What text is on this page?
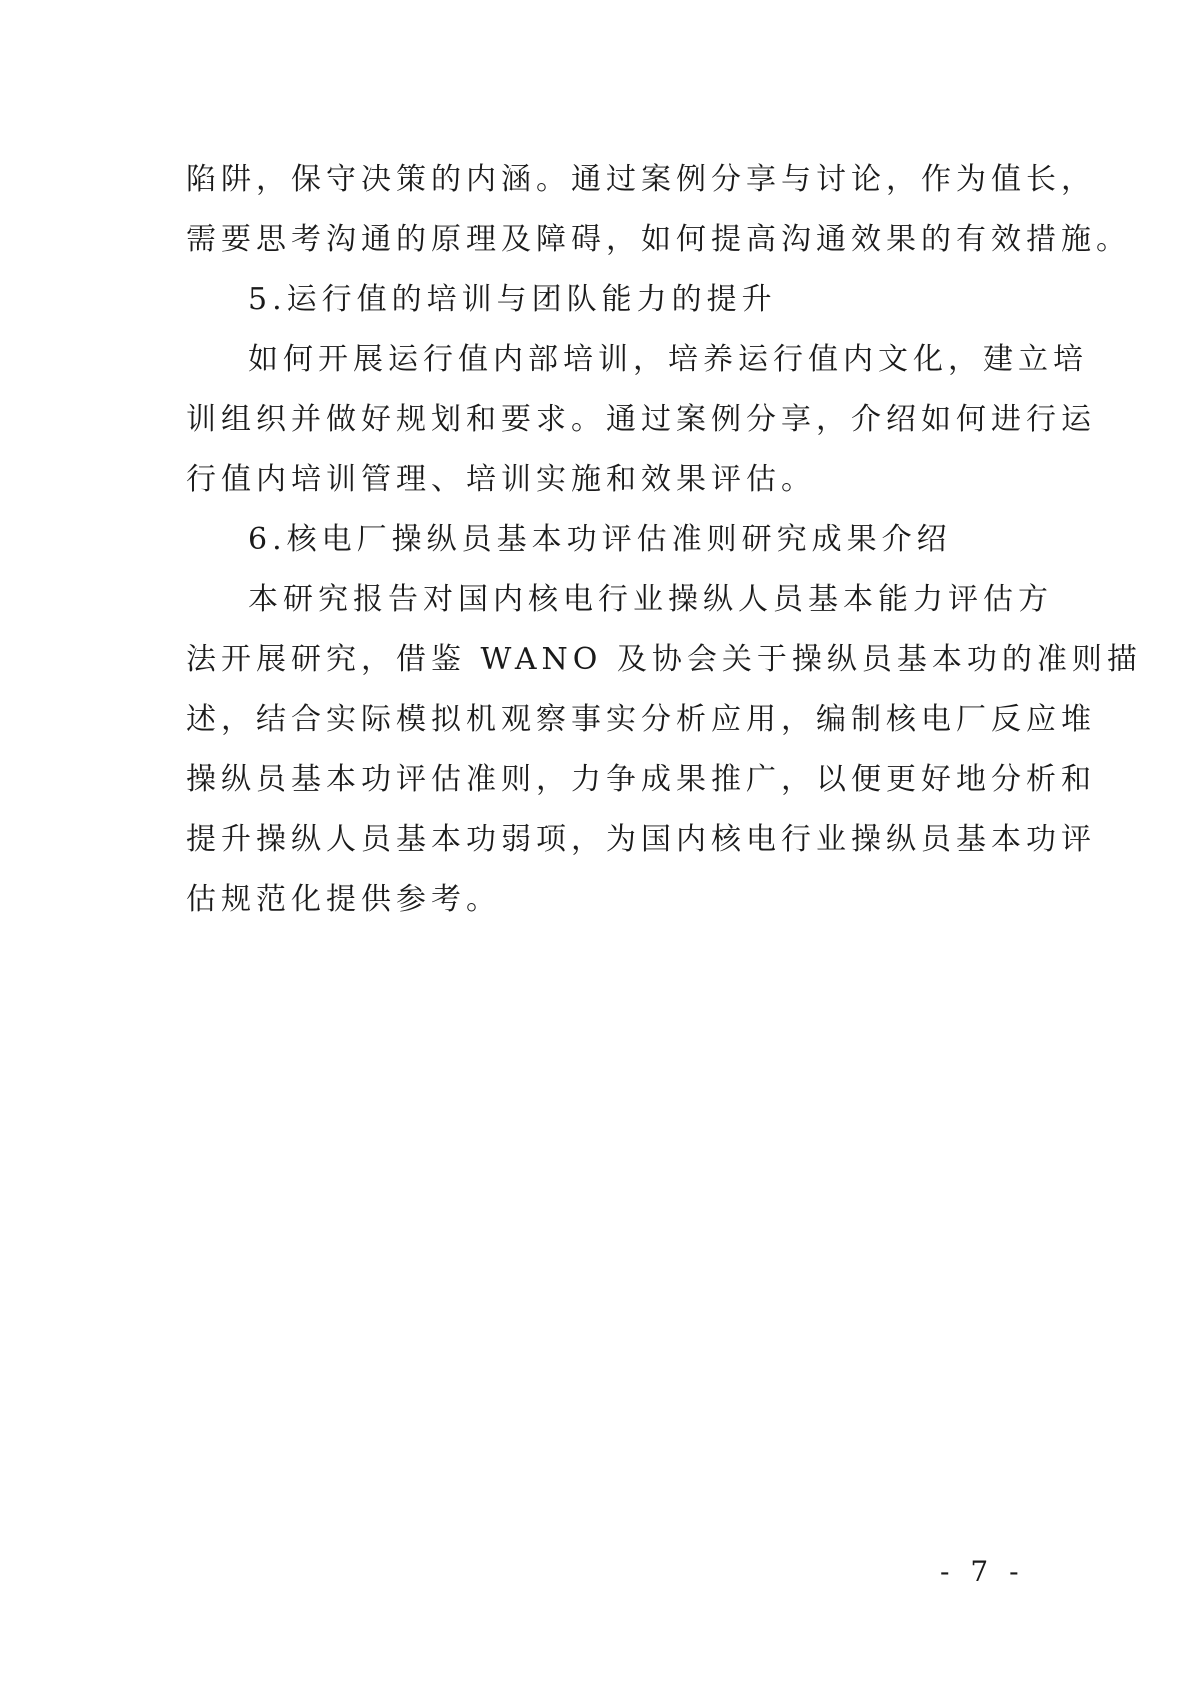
陷阱，保守决策的内涵。通过案例分享与讨论，作为值长，
需要思考沟通的原理及障碍，如何提高沟通效果的有效措施。
5.运行值的培训与团队能力的提升
如何开展运行值内部培训，培养运行值内文化，建立培
训组织并做好规划和要求。通过案例分享，介绍如何进行运
行值内培训管理、培训实施和效果评估。
6.核电厂操纵员基本功评估准则研究成果介绍
本研究报告对国内核电行业操纵人员基本能力评估方
法开展研究，借鉴 WANO 及协会关于操纵员基本功的准则描
述，结合实际模拟机观察事实分析应用，编制核电厂反应堆
操纵员基本功评估准则，力争成果推广，以便更好地分析和
提升操纵人员基本功弱项，为国内核电行业操纵员基本功评
估规范化提供参考。
- 7 -
